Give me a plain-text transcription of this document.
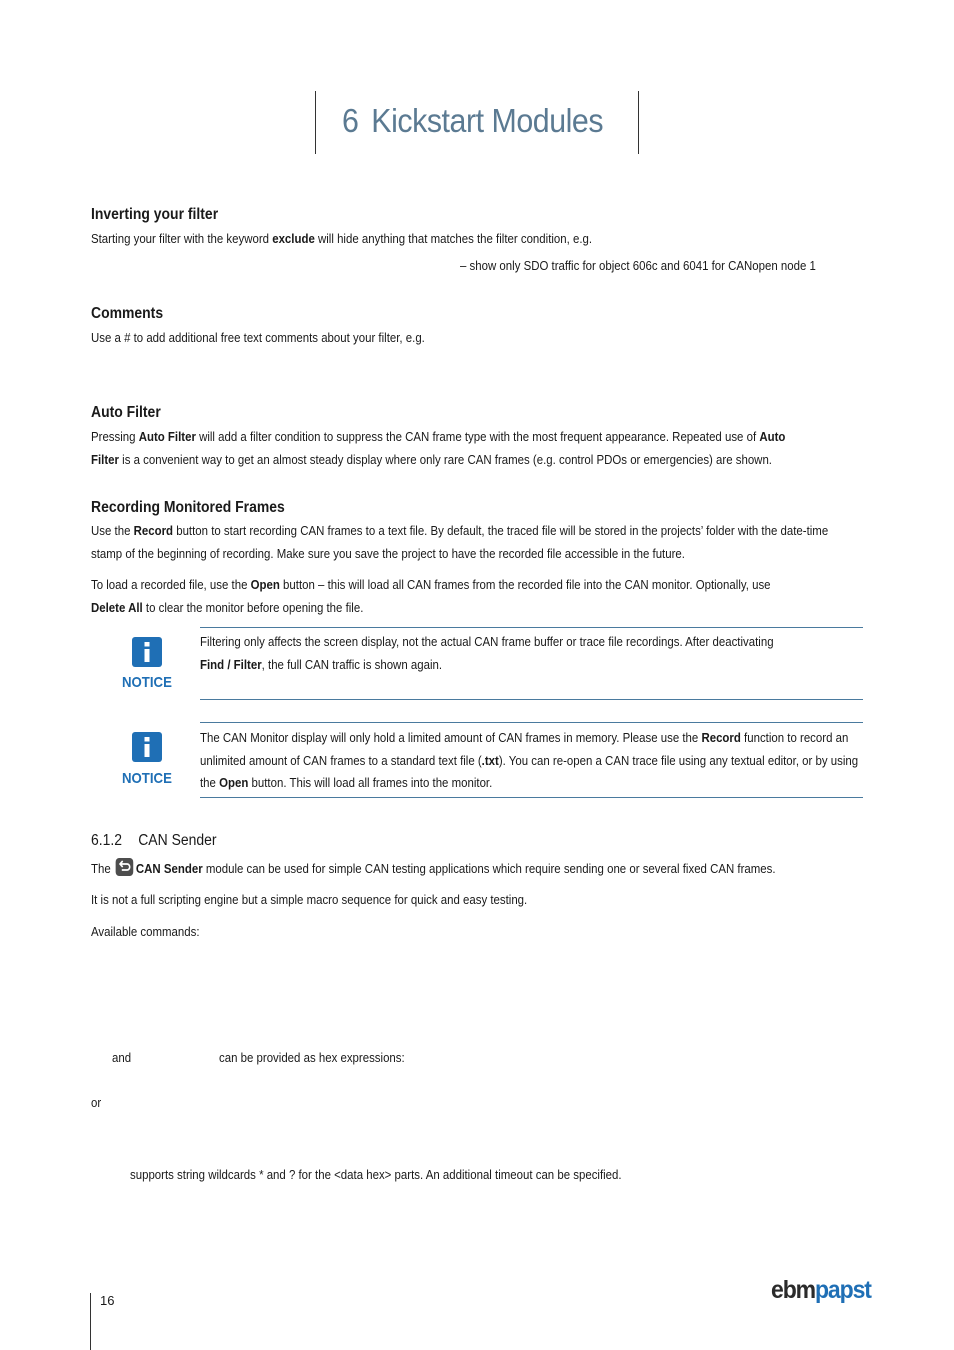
6 Kickstart Modules
Inverting your filter

Starting your filter with the keyword exclude will hide anything that matches the filter condition, e.g.

– show only SDO traffic for object 606c and 6041 for CANopen node 1

Comments

Use a # to add additional free text comments about your filter, e.g.

Auto Filter

Pressing Auto Filter will add a filter condition to suppress the CAN frame type with the most frequent appearance. Repeated use of Auto
Filter is a convenient way to get an almost steady display where only rare CAN frames (e.g. control PDOs or emergencies) are shown.

Recording Monitored Frames

Use the Record button to start recording CAN frames to a text file. By default, the traced file will be stored in the projects’ folder with the date-time stamp of the beginning of recording. Make sure you save the project to have the recorded file accessible in the future.

To load a recorded file, use the Open button – this will load all CAN frames from the recorded file into the CAN monitor. Optionally, use
Delete All to clear the monitor before opening the file.

NOTICE

Filtering only affects the screen display, not the actual CAN frame buffer or trace file recordings. After deactivating
Find / Filter, the full CAN traffic is shown again.

NOTICE

The CAN Monitor display will only hold a limited amount of CAN frames in memory. Please use the Record function to record an unlimited amount of CAN frames to a standard text file (.txt). You can re-open a CAN trace file using any textual editor, or by using the Open button. This will load all frames into the monitor.

6.1.2 CAN Sender

The
CAN Sender module can be used for simple CAN testing applications which require sending one or several fixed CAN frames.

It is not a full scripting engine but a simple macro sequence for quick and easy testing.

Available commands:

and	can be provided as hex expressions:

or

supports string wildcards * and ? for the <data hex> parts. An additional timeout can be specified.

16	ebmpapst
